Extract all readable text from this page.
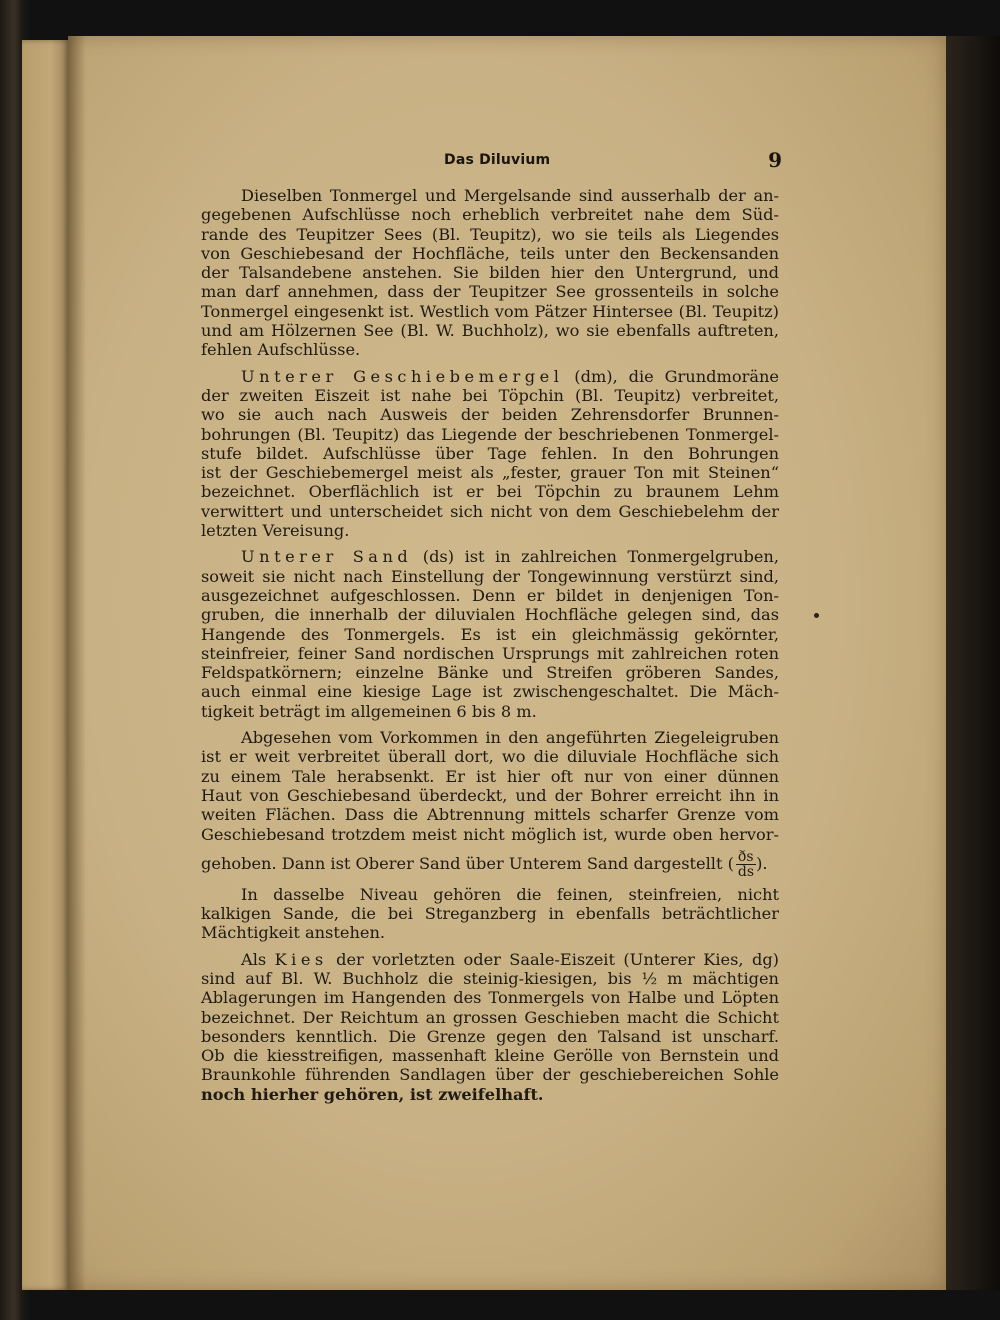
Das Diluvium	9
Dieselben Tonmergel und Mergelsande sind ausserhalb der an-
gegebenen Aufschlüsse noch erheblich verbreitet nahe dem Süd-
rande des Teupitzer Sees (Bl. Teupitz), wo sie teils als Liegendes
von Geschiebesand der Hochfläche, teils unter den Beckensanden
der Talsandebene anstehen. Sie bilden hier den Untergrund, und
man darf annehmen, dass der Teupitzer See grossenteils in solche
Tonmergel eingesenkt ist. Westlich vom Pätzer Hintersee (Bl. Teupitz)
und am Hölzernen See (Bl. W. Buchholz), wo sie ebenfalls auftreten,
fehlen Aufschlüsse.
Unterer Geschiebemergel (dm), die Grundmoräne
der zweiten Eiszeit ist nahe bei Töpchin (Bl. Teupitz) verbreitet,
wo sie auch nach Ausweis der beiden Zehrensdorfer Brunnen-
bohrungen (Bl. Teupitz) das Liegende der beschriebenen Tonmergel-
stufe bildet. Aufschlüsse über Tage fehlen. In den Bohrungen
ist der Geschiebemergel meist als „fester, grauer Ton mit Steinen“
bezeichnet. Oberflächlich ist er bei Töpchin zu braunem Lehm
verwittert und unterscheidet sich nicht von dem Geschiebelehm der
letzten Vereisung.
Unterer Sand (ds) ist in zahlreichen Tonmergelgruben,
soweit sie nicht nach Einstellung der Tongewinnung verstürzt sind,
ausgezeichnet aufgeschlossen. Denn er bildet in denjenigen Ton-
gruben, die innerhalb der diluvialen Hochfläche gelegen sind, das
Hangende des Tonmergels. Es ist ein gleichmässig gekörnter,
steinfreier, feiner Sand nordischen Ursprungs mit zahlreichen roten
Feldspatkörnern; einzelne Bänke und Streifen gröberen Sandes,
auch einmal eine kiesige Lage ist zwischengeschaltet. Die Mäch-
tigkeit beträgt im allgemeinen 6 bis 8 m.
Abgesehen vom Vorkommen in den angeführten Ziegeleigruben
ist er weit verbreitet überall dort, wo die diluviale Hochfläche sich
zu einem Tale herabsenkt. Er ist hier oft nur von einer dünnen
Haut von Geschiebesand überdeckt, und der Bohrer erreicht ihn in
weiten Flächen. Dass die Abtrennung mittels scharfer Grenze vom
Geschiebesand trotzdem meist nicht möglich ist, wurde oben hervor-
gehoben. Dann ist Oberer Sand über Unterem Sand dargestellt ( $\frac{ðs}{ds}$ ).
In dasselbe Niveau gehören die feinen, steinfreien, nicht
kalkigen Sande, die bei Streganzberg in ebenfalls beträchtlicher
Mächtigkeit anstehen.
Als Kies der vorletzten oder Saale-Eiszeit (Unterer Kies, dg)
sind auf Bl. W. Buchholz die steinig-kiesigen, bis ½ m mächtigen
Ablagerungen im Hangenden des Tonmergels von Halbe und Löpten
bezeichnet. Der Reichtum an grossen Geschieben macht die Schicht
besonders kenntlich. Die Grenze gegen den Talsand ist unscharf.
Ob die kiesstreifigen, massenhaft kleine Gerölle von Bernstein und
Braunkohle führenden Sandlagen über der geschiebereichen Sohle
noch hierher gehören, ist zweifelhaft.
